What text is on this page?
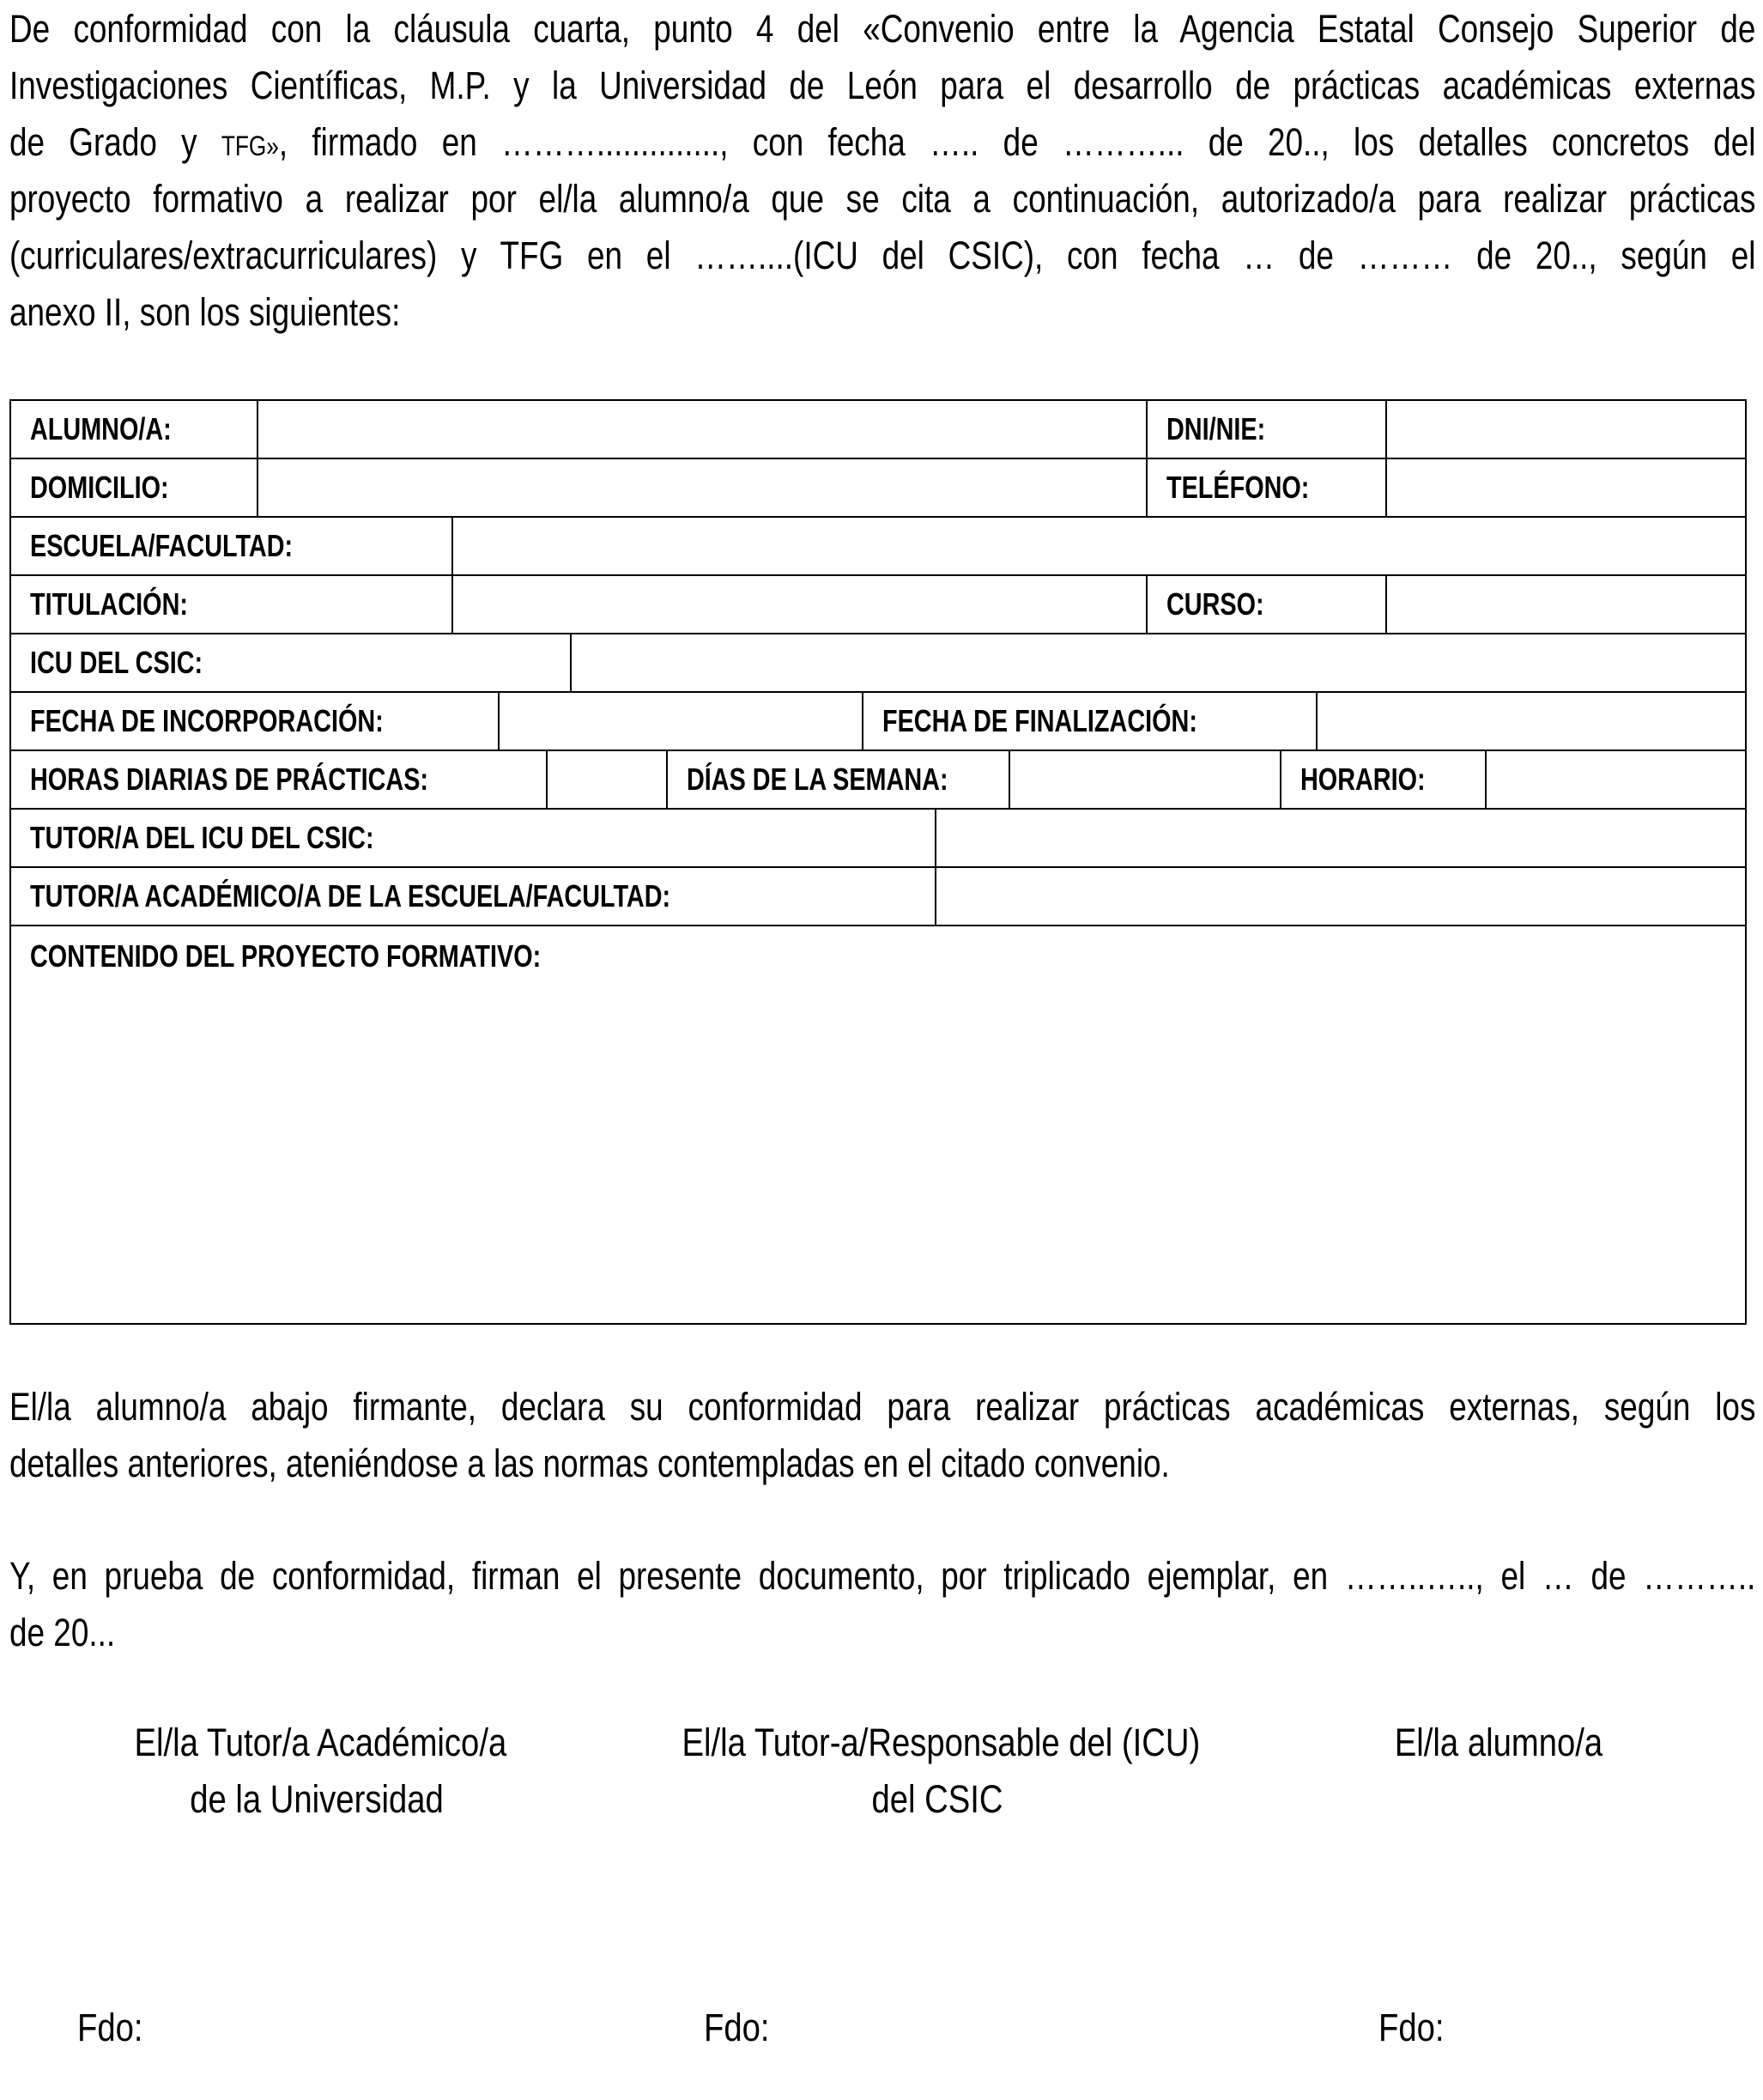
De conformidad con la cláusula cuarta, punto 4 del «Convenio entre la Agencia Estatal Consejo Superior de
Investigaciones Científicas, M.P. y la Universidad de León para el desarrollo de prácticas académicas externas
de Grado y TFG», firmado en ……….............., con fecha ….. de ………... de 20.., los detalles concretos del
proyecto formativo a realizar por el/la alumno/a que se cita a continuación, autorizado/a para realizar prácticas
(curriculares/extracurriculares) y TFG en el ……....(ICU del CSIC), con fecha … de ……… de 20.., según el
anexo II, son los siguientes:
ALUMNO/A:	DNI/NIE:
DOMICILIO:	TELÉFONO:
ESCUELA/FACULTAD:
TITULACIÓN:	CURSO:
ICU DEL CSIC:
FECHA DE INCORPORACIÓN:	FECHA DE FINALIZACIÓN:
HORAS DIARIAS DE PRÁCTICAS:	DÍAS DE LA SEMANA:	HORARIO:
TUTOR/A DEL ICU DEL CSIC:
TUTOR/A ACADÉMICO/A DE LA ESCUELA/FACULTAD:
CONTENIDO DEL PROYECTO FORMATIVO:
El/la alumno/a abajo firmante, declara su conformidad para realizar prácticas académicas externas, según los
detalles anteriores, ateniéndose a las normas contempladas en el citado convenio.
Y, en prueba de conformidad, firman el presente documento, por triplicado ejemplar, en ……..….., el … de ………..
de 20...
El/la Tutor/a Académico/a
de la Universidad
El/la Tutor-a/Responsable del (ICU)
del CSIC
El/la alumno/a
Fdo:	Fdo:	Fdo:
